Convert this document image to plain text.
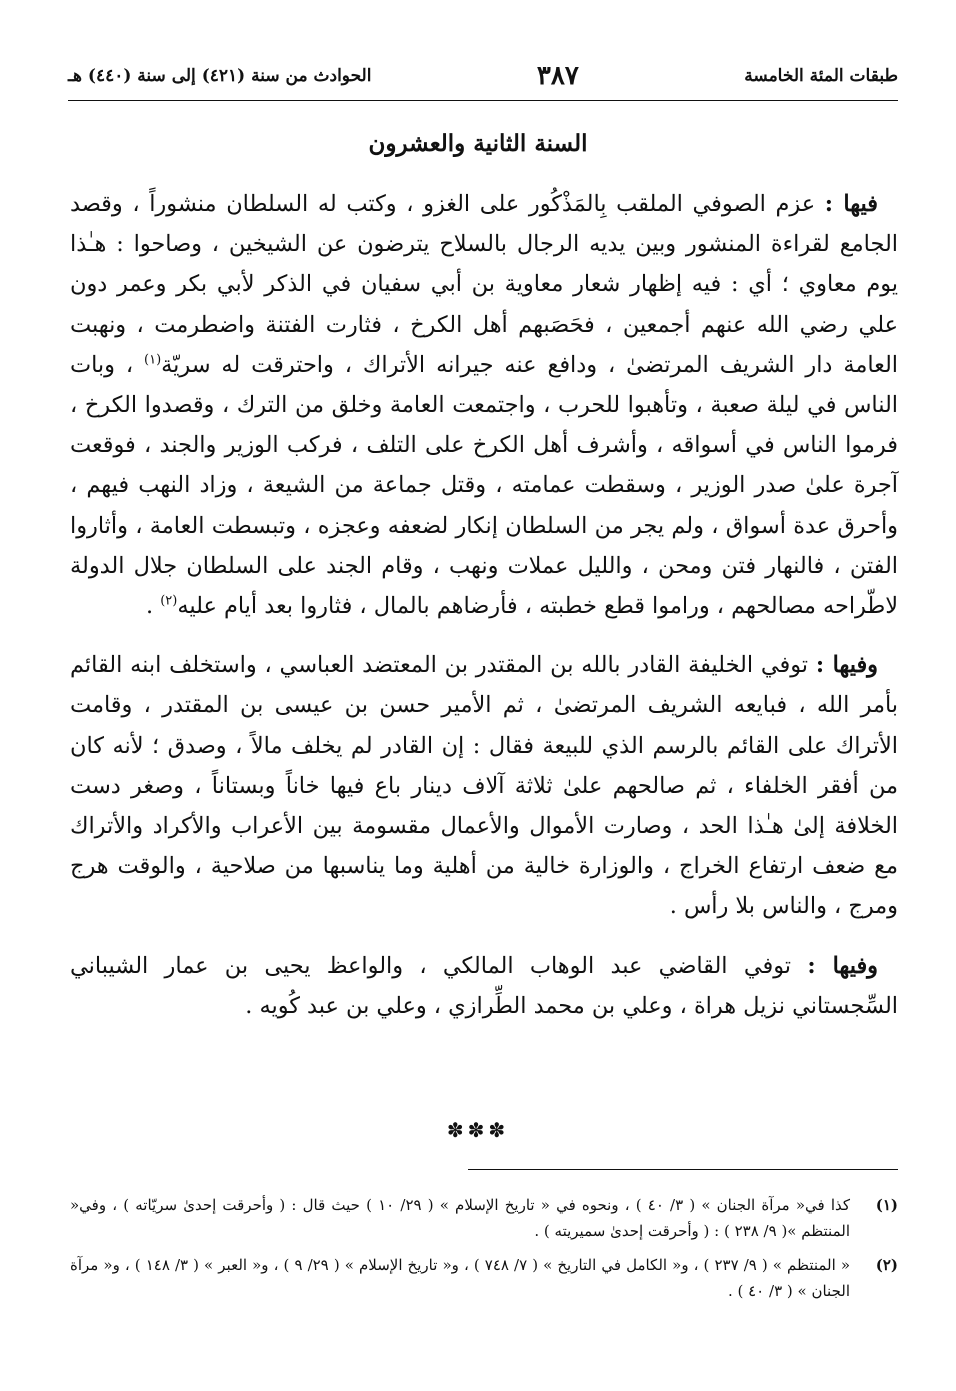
طبقات المئة الخامسة
٣٨٧
الحوادث من سنة (٤٢١) إلى سنة (٤٤٠) هـ
السنة الثانية والعشرون

فيها : عزم الصوفي الملقب بِالمَذْكُور على الغزو ، وكتب له السلطان منشوراً ، وقصد الجامع لقراءة المنشور وبين يديه الرجال بالسلاح يترضون عن الشيخين ، وصاحوا : هـٰذا يوم معاوي ؛ أي : فيه إظهار شعار معاوية بن أبي سفيان في الذكر لأبي بكر وعمر دون علي رضي الله عنهم أجمعين ، فحَصَبهم أهل الكرخ ، فثارت الفتنة واضطرمت ، ونهبت العامة دار الشريف المرتضىٰ ، ودافع عنه جيرانه الأتراك ، واحترقت له سريّة$^{(١)}$ ، وبات الناس في ليلة صعبة ، وتأهبوا للحرب ، واجتمعت العامة وخلق من الترك ، وقصدوا الكرخ ، فرموا الناس في أسواقه ، وأشرف أهل الكرخ على التلف ، فركب الوزير والجند ، فوقعت آجرة علىٰ صدر الوزير ، وسقطت عمامته ، وقتل جماعة من الشيعة ، وزاد النهب فيهم ، وأحرق عدة أسواق ، ولم يجر من السلطان إنكار لضعفه وعجزه ، وتبسطت العامة ، وأثاروا الفتن ، فالنهار فتن ومحن ، والليل عملات ونهب ، وقام الجند على السلطان جلال الدولة لاطّراحه مصالحهم ، وراموا قطع خطبته ، فأرضاهم بالمال ، فثاروا بعد أيام عليه$^{(٢)}$ .

وفيها : توفي الخليفة القادر بالله بن المقتدر بن المعتضد العباسي ، واستخلف ابنه القائم بأمر الله ، فبايعه الشريف المرتضىٰ ، ثم الأمير حسن بن عيسى بن المقتدر ، وقامت الأتراك على القائم بالرسم الذي للبيعة فقال : إن القادر لم يخلف مالاً ، وصدق ؛ لأنه كان من أفقر الخلفاء ، ثم صالحهم علىٰ ثلاثة آلاف دينار باع فيها خاناً وبستاناً ، وصغر دست الخلافة إلىٰ هـٰذا الحد ، وصارت الأموال والأعمال مقسومة بين الأعراب والأكراد والأتراك مع ضعف ارتفاع الخراج ، والوزارة خالية من أهلية وما يناسبها من صلاحية ، والوقت هرج ومرج ، والناس بلا رأس .

وفيها : توفي القاضي عبد الوهاب المالكي ، والواعظ يحيى بن عمار الشيباني السِّجستاني نزيل هراة ، وعلي بن محمد الطِّرازي ، وعلي بن عبد كُويه .

✽✽✽
(١)
كذا في« مرآة الجنان » ( ٣/ ٤٠ ) ، ونحوه في « تاريخ الإسلام » ( ٢٩/ ١٠ ) حيث قال : ( وأحرقت إحدىٰ سريّاته ) ، وفي« المنتظم »( ٩/ ٢٣٨ ) : ( وأحرقت إحدىٰ سميريته ) .
(٢)
« المنتظم » ( ٩/ ٢٣٧ ) ، و« الكامل في التاريخ » ( ٧/ ٧٤٨ ) ، و« تاريخ الإسلام » ( ٢٩/ ٩ ) ، و« العبر » ( ٣/ ١٤٨ ) ، و« مرآة الجنان » ( ٣/ ٤٠ ) .
